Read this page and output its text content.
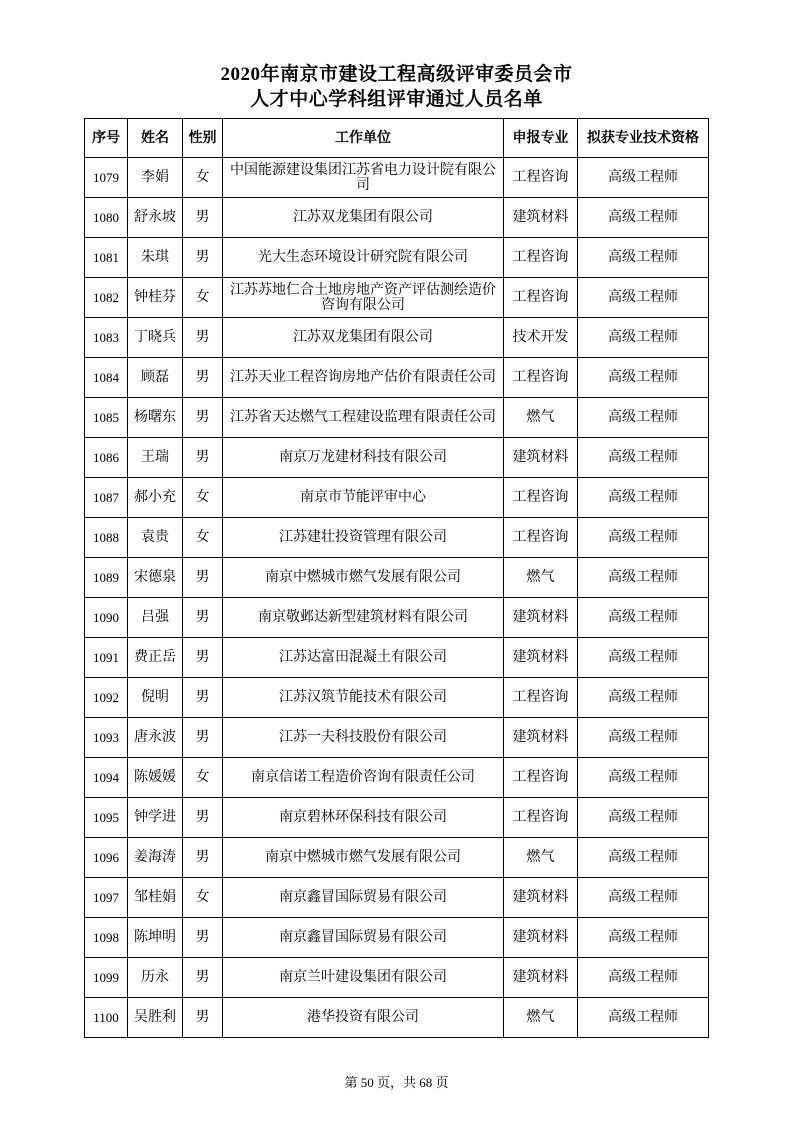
2020年南京市建设工程高级评审委员会市
人才中心学科组评审通过人员名单
序号	姓名	性别	工作单位	申报专业	拟获专业技术资格
1079	李娟	女	中国能源建设集团江苏省电力设计院有限公司	工程咨询	高级工程师
1080	舒永坡	男	江苏双龙集团有限公司	建筑材料	高级工程师
1081	朱琪	男	光大生态环境设计研究院有限公司	工程咨询	高级工程师
1082	钟桂芬	女	江苏苏地仁合土地房地产资产评估测绘造价咨询有限公司	工程咨询	高级工程师
1083	丁晓兵	男	江苏双龙集团有限公司	技术开发	高级工程师
1084	顾磊	男	江苏天业工程咨询房地产估价有限责任公司	工程咨询	高级工程师
1085	杨曙东	男	江苏省天达燃气工程建设监理有限责任公司	燃气	高级工程师
1086	王瑞	男	南京万龙建材科技有限公司	建筑材料	高级工程师
1087	郝小充	女	南京市节能评审中心	工程咨询	高级工程师
1088	袁贵	女	江苏建壮投资管理有限公司	工程咨询	高级工程师
1089	宋德泉	男	南京中燃城市燃气发展有限公司	燃气	高级工程师
1090	吕强	男	南京敬邺达新型建筑材料有限公司	建筑材料	高级工程师
1091	费正岳	男	江苏达富田混凝土有限公司	建筑材料	高级工程师
1092	倪明	男	江苏汉筑节能技术有限公司	工程咨询	高级工程师
1093	唐永波	男	江苏一夫科技股份有限公司	建筑材料	高级工程师
1094	陈媛媛	女	南京信诺工程造价咨询有限责任公司	工程咨询	高级工程师
1095	钟学进	男	南京碧林环保科技有限公司	工程咨询	高级工程师
1096	姜海涛	男	南京中燃城市燃气发展有限公司	燃气	高级工程师
1097	邹桂娟	女	南京鑫冒国际贸易有限公司	建筑材料	高级工程师
1098	陈坤明	男	南京鑫冒国际贸易有限公司	建筑材料	高级工程师
1099	历永	男	南京兰叶建设集团有限公司	建筑材料	高级工程师
1100	吴胜利	男	港华投资有限公司	燃气	高级工程师
第 50 页，共 68 页
